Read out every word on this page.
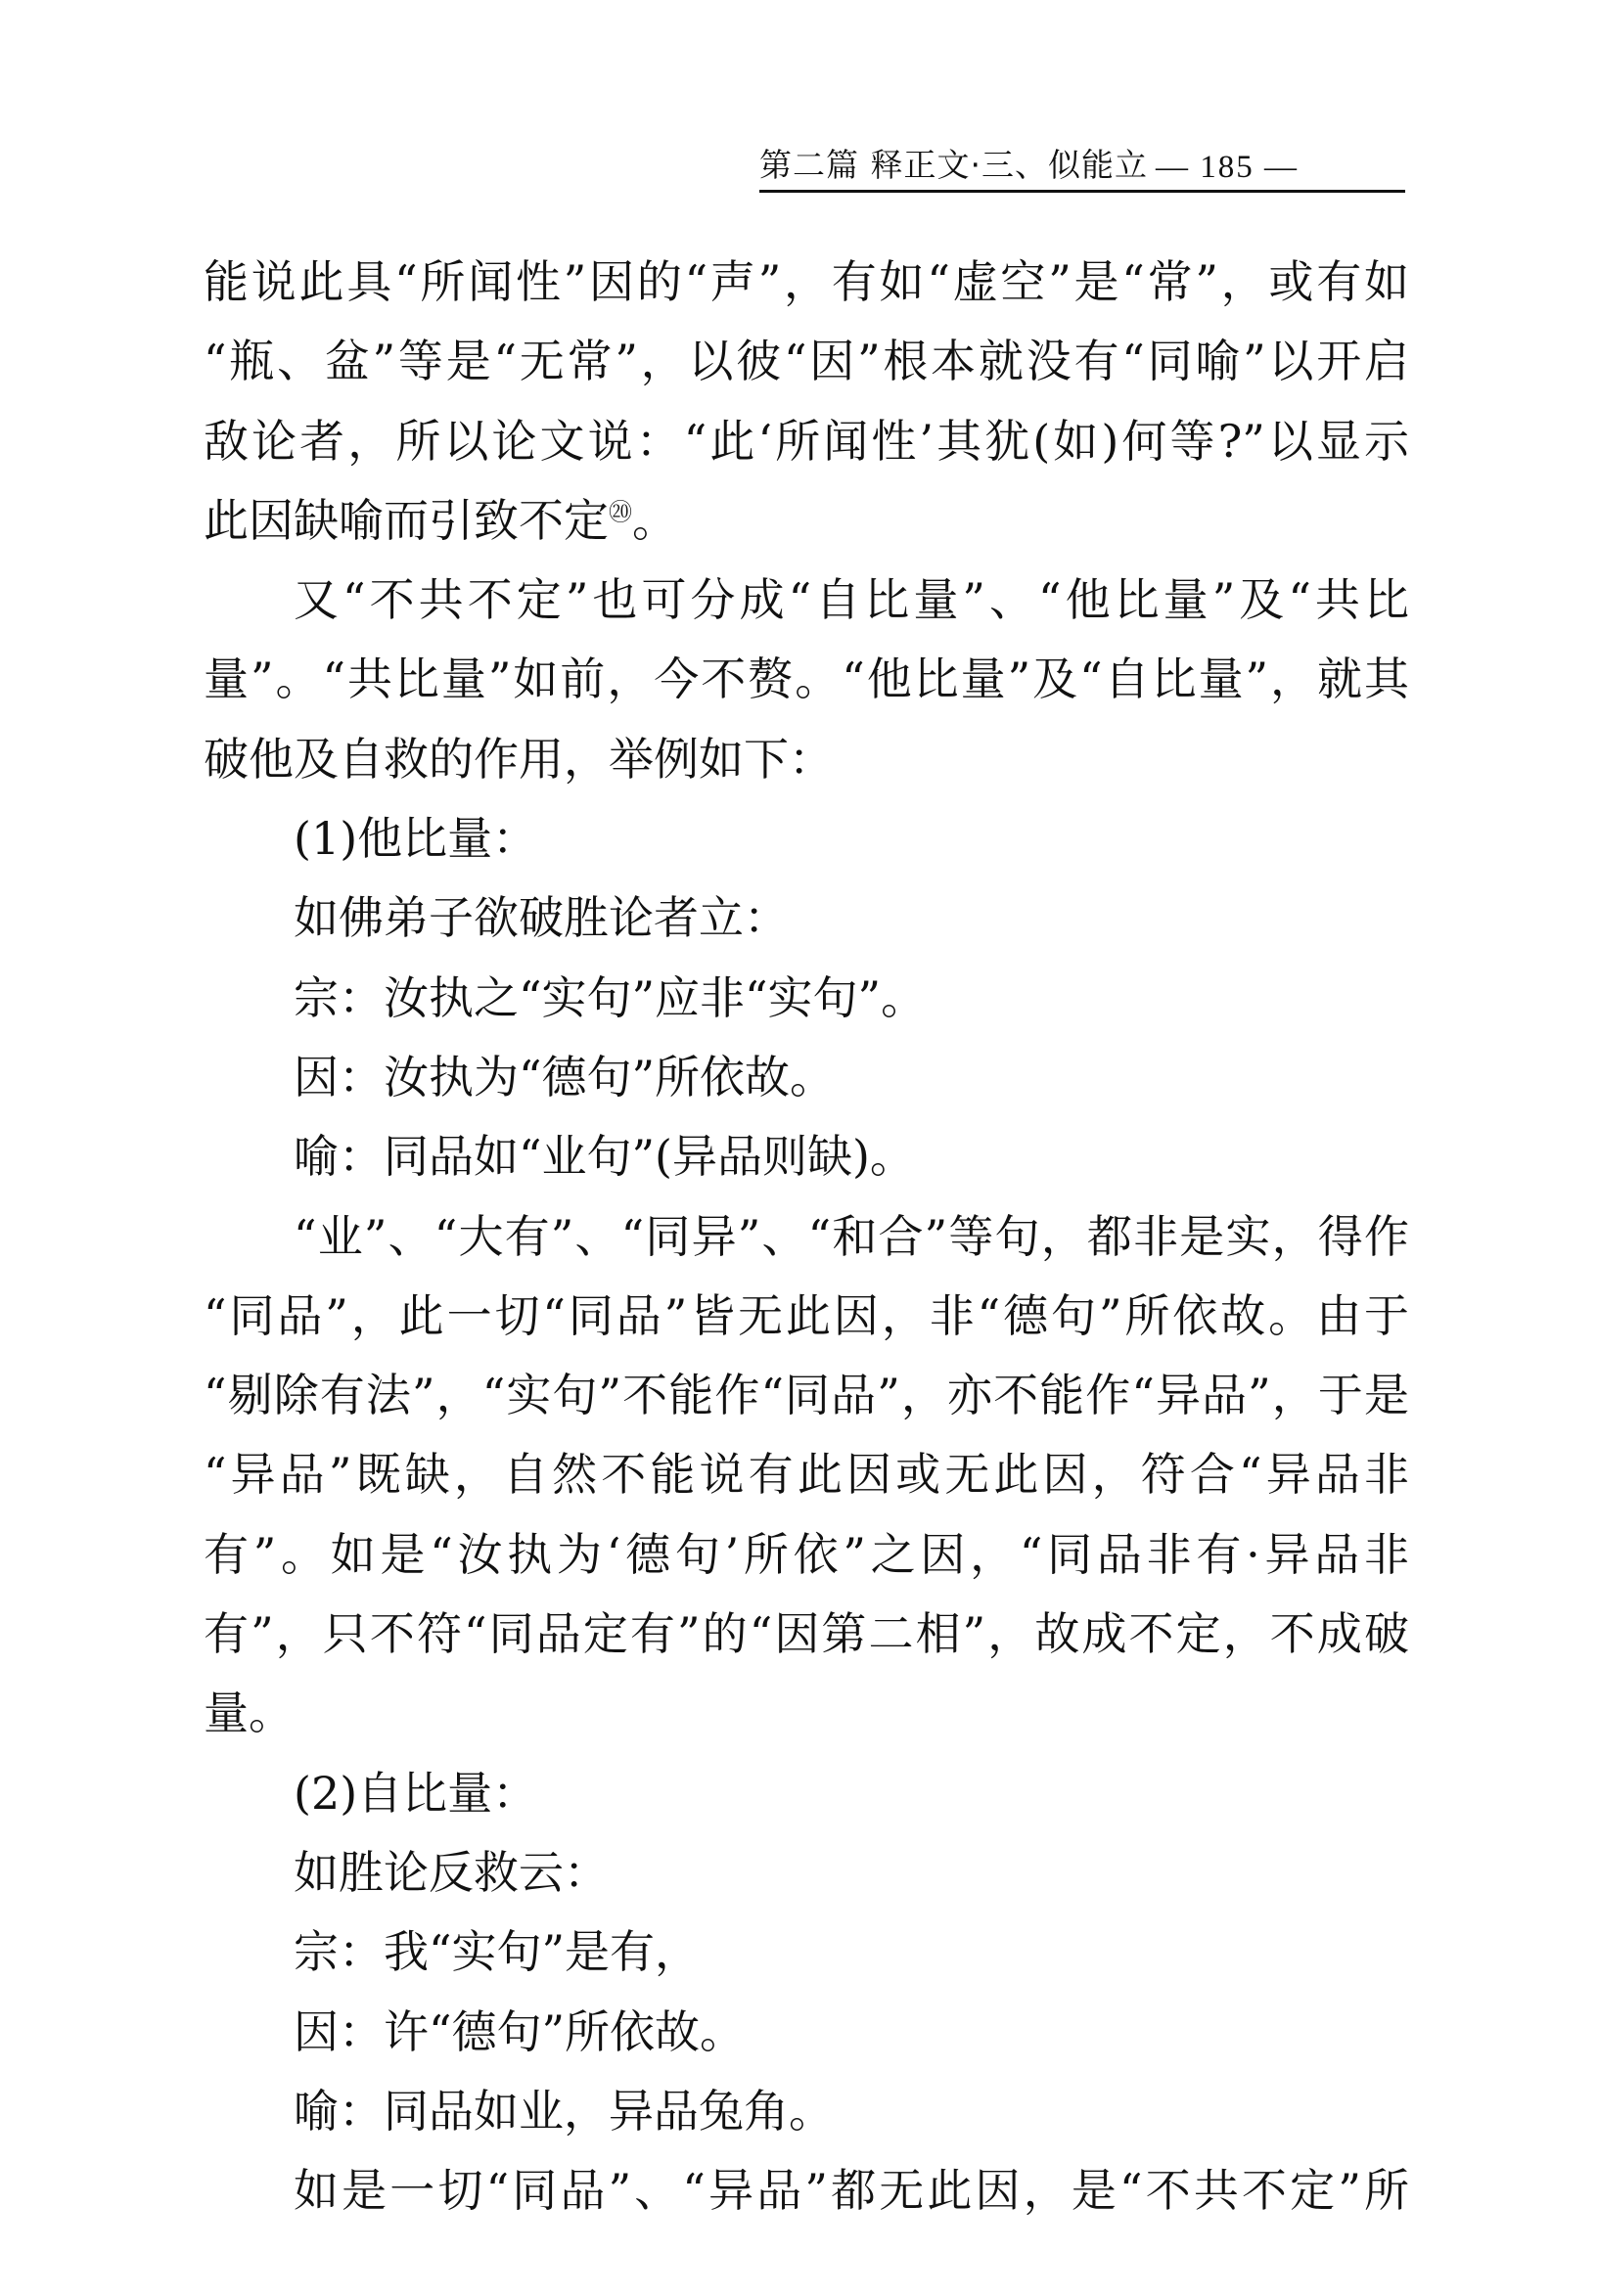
第二篇 释正文·三、似能立 — 185 —
能说此具“所闻性”因的“声”，有如“虚空”是“常”，或有如
“瓶、盆”等是“无常”，以彼“因”根本就没有“同喻”以开启
敌论者，所以论文说：“此‘所闻性’其犹(如)何等?”以显示
此因缺喻而引致不定⑳。
又“不共不定”也可分成“自比量”、“他比量”及“共比
量”。“共比量”如前，今不赘。“他比量”及“自比量”，就其
破他及自救的作用，举例如下：
(1)他比量：
如佛弟子欲破胜论者立：
宗：汝执之“实句”应非“实句”。
因：汝执为“德句”所依故。
喻：同品如“业句”(异品则缺)。
“业”、“大有”、“同异”、“和合”等句，都非是实，得作
“同品”，此一切“同品”皆无此因，非“德句”所依故。由于
“剔除有法”，“实句”不能作“同品”，亦不能作“异品”，于是
“异品”既缺，自然不能说有此因或无此因，符合“异品非
有”。如是“汝执为‘德句’所依”之因，“同品非有·异品非
有”，只不符“同品定有”的“因第二相”，故成不定，不成破
量。
(2)自比量：
如胜论反救云：
宗：我“实句”是有，
因：许“德句”所依故。
喻：同品如业，异品兔角。
如是一切“同品”、“异品”都无此因，是“不共不定”所
